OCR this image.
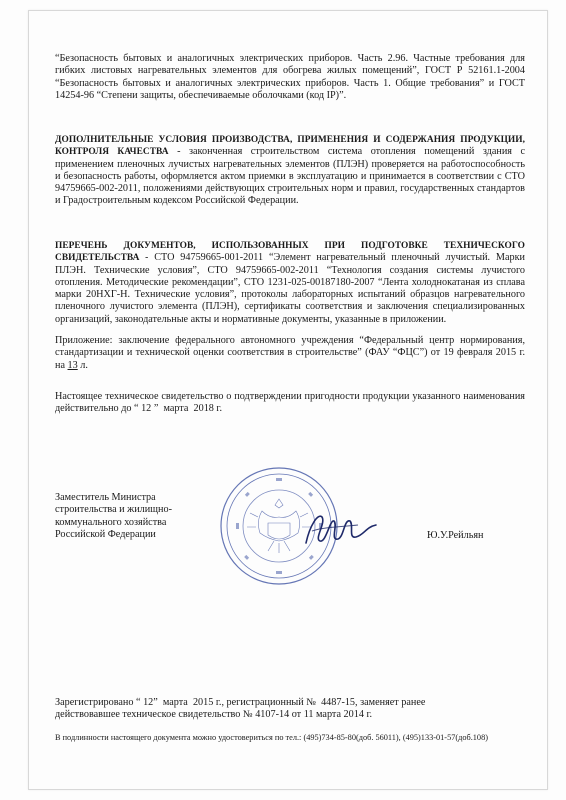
“Безопасность бытовых и аналогичных электрических приборов. Часть 2.96. Частные требования для гибких листовых нагревательных элементов для обогрева жилых помещений”, ГОСТ Р 52161.1-2004 “Безопасность бытовых и аналогичных электрических приборов. Часть 1. Общие требования” и ГОСТ 14254-96 “Степени защиты, обеспечиваемые оболочками (код IP)”.
ДОПОЛНИТЕЛЬНЫЕ УСЛОВИЯ ПРОИЗВОДСТВА, ПРИМЕНЕНИЯ И СОДЕРЖАНИЯ ПРОДУКЦИИ, КОНТРОЛЯ КАЧЕСТВА - законченная строительством система отопления помещений здания с применением пленочных лучистых нагревательных элементов (ПЛЭН) проверяется на работоспособность и безопасность работы, оформляется актом приемки в эксплуатацию и принимается в соответствии с СТО 94759665-002-2011, положениями действующих строительных норм и правил, государственных стандартов и Градостроительным кодексом Российской Федерации.
ПЕРЕЧЕНЬ ДОКУМЕНТОВ, ИСПОЛЬЗОВАННЫХ ПРИ ПОДГОТОВКЕ ТЕХНИЧЕСКОГО СВИДЕТЕЛЬСТВА - СТО 94759665-001-2011 “Элемент нагревательный пленочный лучистый. Марки ПЛЭН. Технические условия”, СТО 94759665-002-2011 “Технология создания системы лучистого отопления. Методические рекомендации”, СТО 1231-025-00187180-2007 “Лента холоднокатаная из сплава марки 20НХГ-Н. Технические условия”, протоколы лабораторных испытаний образцов нагревательного пленочного лучистого элемента (ПЛЭН), сертификаты соответствия и заключения специализированных организаций, законодательные акты и нормативные документы, указанные в приложении.
Приложение: заключение федерального автономного учреждения “Федеральный центр нормирования, стандартизации и технической оценки соответствия в строительстве” (ФАУ “ФЦС”) от 19 февраля 2015 г. на 13 л.
Настоящее техническое свидетельство о подтверждении пригодности продукции указанного наименования действительно до “ 12 ” марта 2018 г.
Заместитель Министра
строительства и жилищно-
коммунального хозяйства
Российской Федерации	Ю.У.Рейльян
Зарегистрировано “ 12” марта 2015 г., регистрационный № 4487-15, заменяет ранее
действовавшее техническое свидетельство № 4107-14 от 11 марта 2014 г.
В подлинности настоящего документа можно удостовериться по тел.: (495)734-85-80(доб. 56011), (495)133-01-57(доб.108)
